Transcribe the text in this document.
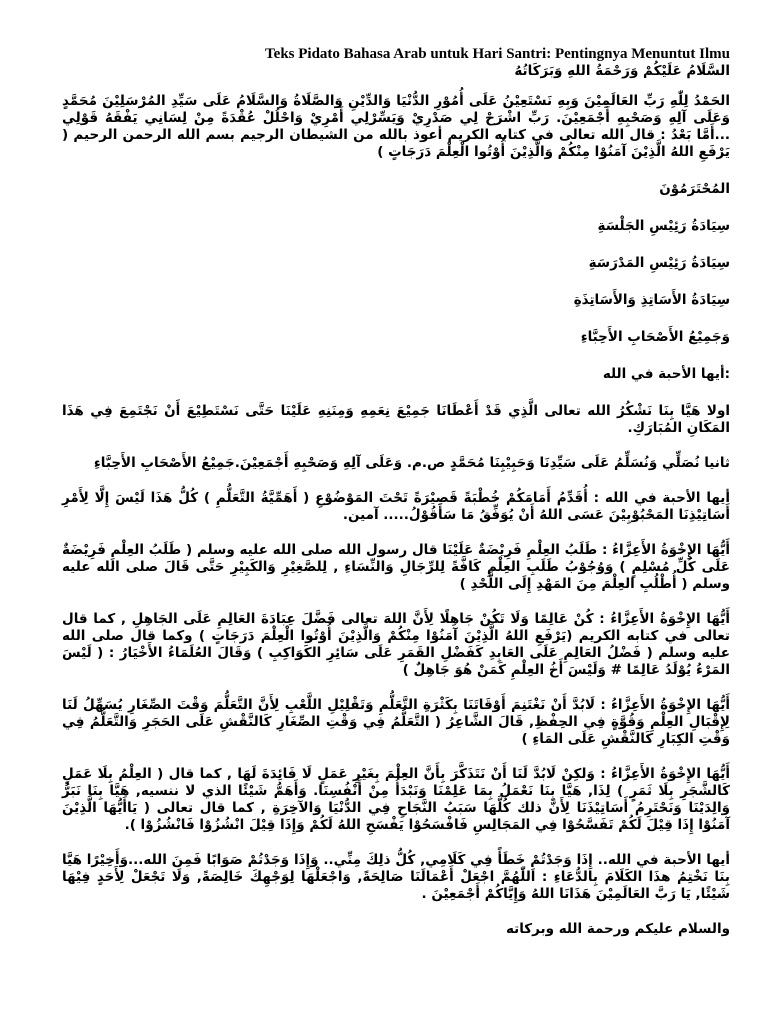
Teks Pidato Bahasa Arab untuk Hari Santri: Pentingnya Menuntut Ilmu

السَّلَامُ عَلَيْكُمْ وَرَحْمَةُ اللهِ وَبَرَكَاتُهُ

الحَمْدُ لِلّٰهِ رَبِّ العَالَمِيْنَ وَبِهِ نَسْتَعِيْنُ عَلَى أُمُوْرِ الدُّنْيَا وَالدِّيْنِ وَالصَّلَاةُ وَالسَّلَامُ عَلَى سَيِّدِ المُرْسَلِيْنَ مُحَمَّدٍ وَعَلَى آلِهِ وَصَحْبِهِ أَجْمَعِيْنَ. رَبِّ اشْرَحْ لِي صَدْرِيْ وَيَسِّرْلِي أَمْرِيْ وَاحْلُلْ عُقْدَةً مِنْ لِسَانِي يَفْقَهُ قَوْلِي ...أَمَّا بَعْدُ : قال الله تعالى في كتابه الكريم أعوذ بالله من الشيطان الرجيم بسم الله الرحمن الرحيم ( يَرْفَعِ اللهُ الَّذِيْنَ آمَنُوْا مِنْكُمْ وَالَّذِيْنَ أُوْتُوا الْعِلْمَ دَرَجَاتٍ )

المُحْتَرَمُوْنَ

سِيَادَةُ رَئِيْسِ الجَلْسَةِ

سِيَادَةُ رَئِيْسِ المَدْرَسَةِ

سِيَادَةُ الأَسَاتِذِ وَالأَسَاتِذَةِ

وَجَمِيْعُ الأَصْحَابِ الأَحِبَّاءِ

:أيها الأحبة في الله

اولا هَيَّا بِنَا نَشْكُرُ الله تعالى الَّذِي قَدْ أَعْطَانَا جَمِيْعَ نِعَمِهِ وَمِنَنِهِ عَلَيْنَا حَتَّى نَسْتَطِيْعَ أَنْ نَجْتَمِعَ فِي هَذَا المَكَانِ المُبَارَكِ.

ثانيا نُصَلِّي وَنُسَلِّمُ عَلَى سَيِّدِنَا وَحَبِيْبِنَا مُحَمَّدٍ ص.م. وَعَلَى آلِهِ وَصَحْبِهِ أَجْمَعِيْنَ.جَمِيْعُ الأَصْحَابِ الأَحِبَّاءِ

أيها الأحبة في الله : أُقَدِّمُ أَمَامَكُمْ خُطْبَةً قَصِيْرَةً تَحْتَ المَوْضُوْعِ ( أَهَمِّيَّةُ التَّعَلُّمِ ) كُلُّ هَذَا لَيْسَ إِلَّا لِأَمْرِ أَسَاتِيْذِنَا المَحْبُوْبِيْنَ عَسَى اللهُ أَنْ يُوَفِّقُ مَا سَأَقُوْلُ..... آمين.

أَيُّهَا الإِخْوَةُ الأَعِزَّاءُ : طَلَبُ العِلْمِ فَرِيْضَةٌ عَلَيْنَا قال رسول الله صلى الله عليه وسلم ( طَلَبُ العِلْمِ فَرِيْضَةٌ عَلَى كُلِّ مُسْلِمٍ ) وَوُجُوْبُ طَلَبِ العِلْمِ كَافَّةً لِلرِّجَالِ وَالنِّسَاءِ , لِلصَّغِيْرِ وَالكَبِيْرِ حَتَّى قَالَ صلى الله عليه وسلم ( أُطْلُبِ العِلْمَ مِنَ المَهْدِ إِلَى اللَّحْدِ )

أَيُّهَا الإِخْوَةُ الأَعِزَّاءُ : كُنْ عَالِمًا وَلَا تَكُنْ جَاهِلًا لِأَنَّ اللهَ تعالى فَضَّلَ عِبَادَةَ العَالِمِ عَلَى الجَاهِلِ , كما قال تعالى في كتابه الكريم (يَرْفَعِ اللهُ الَّذِيْنَ آمَنُوْا مِنْكُمْ وَالَّذِيْنَ أُوْتُوا الْعِلْمَ دَرَجَاتٍ ) وكما قال صلى الله عليه وسلم ( فَضْلُ العَالِمِ عَلَى العَابِدِ كَفَضْلِ القَمَرِ عَلَى سَائِرِ الكَوَاكِبِ ) وَقَالَ العُلَمَاءُ الأَخْيَارُ : ( لَيْسَ المَرْءُ يُوْلَدُ عَالِمًا # وَلَيْسَ أَخُ العِلْمِ كَمَنْ هُوَ جَاهِلٌ )

أَيُّهَا الإِخْوَةُ الأَعِزَّاءُ : لَابُدَّ أَنْ نَغْتَنِمَ أَوْقَاتَنَا بِكَثْرَةِ التَّعَلُّمِ وَتَقْلِيْلِ اللَّعْبِ لِأَنَّ التَّعَلُّمَ وَقْتَ الصِّغَارِ يُسَهِّلُ لَنَا لِإِقْبَالِ العِلْمِ وَقُوَّةٍ فِي الحِفْظِ, قَالَ الشَّاعِرُ ( التَّعَلُّمُ فِي وَقْتِ الصِّغَارِ كَالنَّقْشِ عَلَى الحَجَرِ وَالتَّعَلُّمُ فِي وَقْتِ الكِبَارِ كَالنَّقْشِ عَلَى المَاءِ )

أَيُّهَا الإِخْوَةُ الأَعِزَّاءُ : وَلكِنْ لَابُدَّ لَنَا أَنْ نَتَذَكَّرَ بِأَنَّ العِلْمَ بِغَيْرِ عَمَلٍ لَا فَائِدَةَ لَهَا , كما قال ( العِلْمُ بِلَا عَمَلٍ كَالشَّجَرِ بِلَا ثَمَرٍ ) لِذَا, هَيَّا بِنَا نَعْمَلُ بِمَا عَلِمْنَا وَنَبْدَأُ مِنْ أَنْفُسِنَا. وَأَهَمُّ شَيْئًا الذي لا ننسيه, هَيَّا بِنَا نَبَرُّ وَالِدَيْنَا وَنَحْتَرِمُ أَسَاتِيْذَنَا لِأَنَّ ذلك كُلَّهَا سَبَبُ النَّجَاحِ فِي الدُّنْيَا وَالآخِرَةِ , كما قال تعالى ( يَاأَيُّهَا الَّذِيْنَ آمَنُوْا إِذَا قِيْلَ لَكُمْ تَفَسَّحُوْا فِي المَجَالِسِ فَافْسَحُوْا يَفْسَحِ اللهُ لَكُمْ وَإِذَا قِيْلَ انْشُزُوْا فَانْشُزُوْا ).

أيها الأحبة في الله.. إِذَا وَجَدْتُمْ خَطَأً فِي كَلَامِي, كُلُّ ذلِكَ مِنِّي.. وَإِذَا وَجَدْتُمْ صَوَابًا فَمِنَ الله...وَأَخِيْرًا هَيَّا بِنَا نَخْتِمُ هذَا الكَلَامَ بِالدُّعَاءِ : اَللّٰهُمَّ اجْعَلْ أَعْمَالَنَا صَالِحَةً, وَاجْعَلْهَا لِوَجْهِكَ خَالِصَةً, وَلَا تَجْعَلْ لِأَحَدٍ فِيْهَا شَيْئًا, يَا رَبَّ العَالَمِيْنَ هَذَانَا اللهُ وَإِيَّاكُمْ أَجْمَعِيْنَ .

والسلام عليكم ورحمة الله وبركاته
